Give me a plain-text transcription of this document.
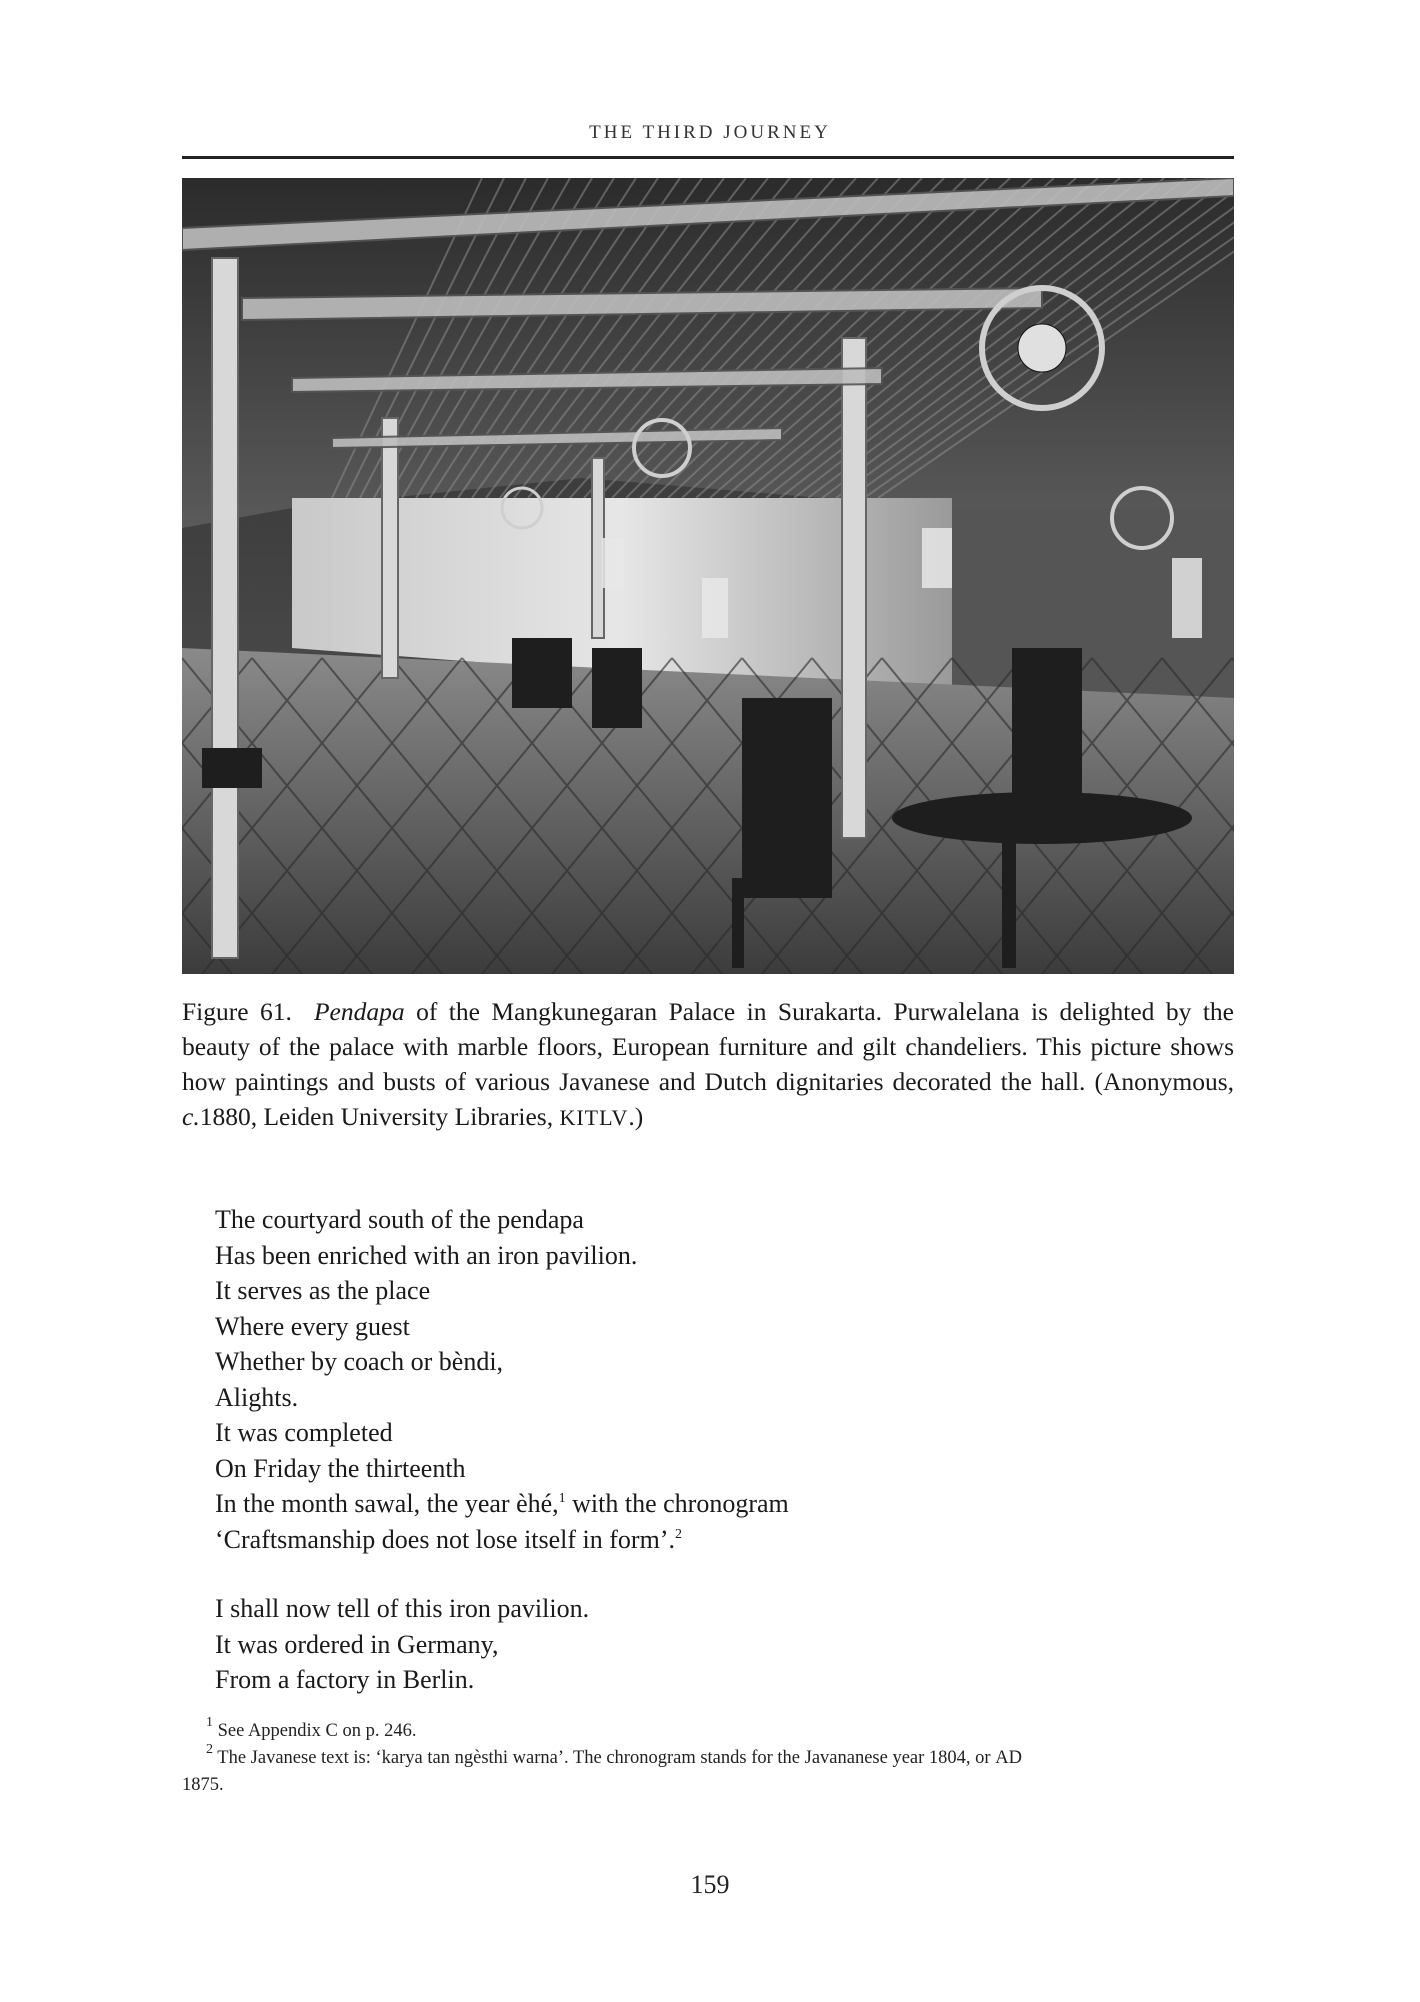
THE THIRD JOURNEY
Figure 61. Pendapa of the Mangkunegaran Palace in Surakarta. Purwalelana is delighted by the beauty of the palace with marble floors, European furniture and gilt chandeliers. This picture shows how paintings and busts of various Javanese and Dutch dignitaries decorated the hall. (Anonymous, c.1880, Leiden University Libraries, KITLV.)
The courtyard south of the pendapa
Has been enriched with an iron pavilion.
It serves as the place
Where every guest
Whether by coach or bèndi,
Alights.
It was completed
On Friday the thirteenth
In the month sawal, the year èhé,$^1$ with the chronogram
‘Craftsmanship does not lose itself in form’.$^2$
I shall now tell of this iron pavilion.
It was ordered in Germany,
From a factory in Berlin.
$^1$ See Appendix C on p. 246.
$^2$ The Javanese text is: ‘karya tan ngèsthi warna’. The chronogram stands for the Javananese year 1804, or AD
1875.
159
